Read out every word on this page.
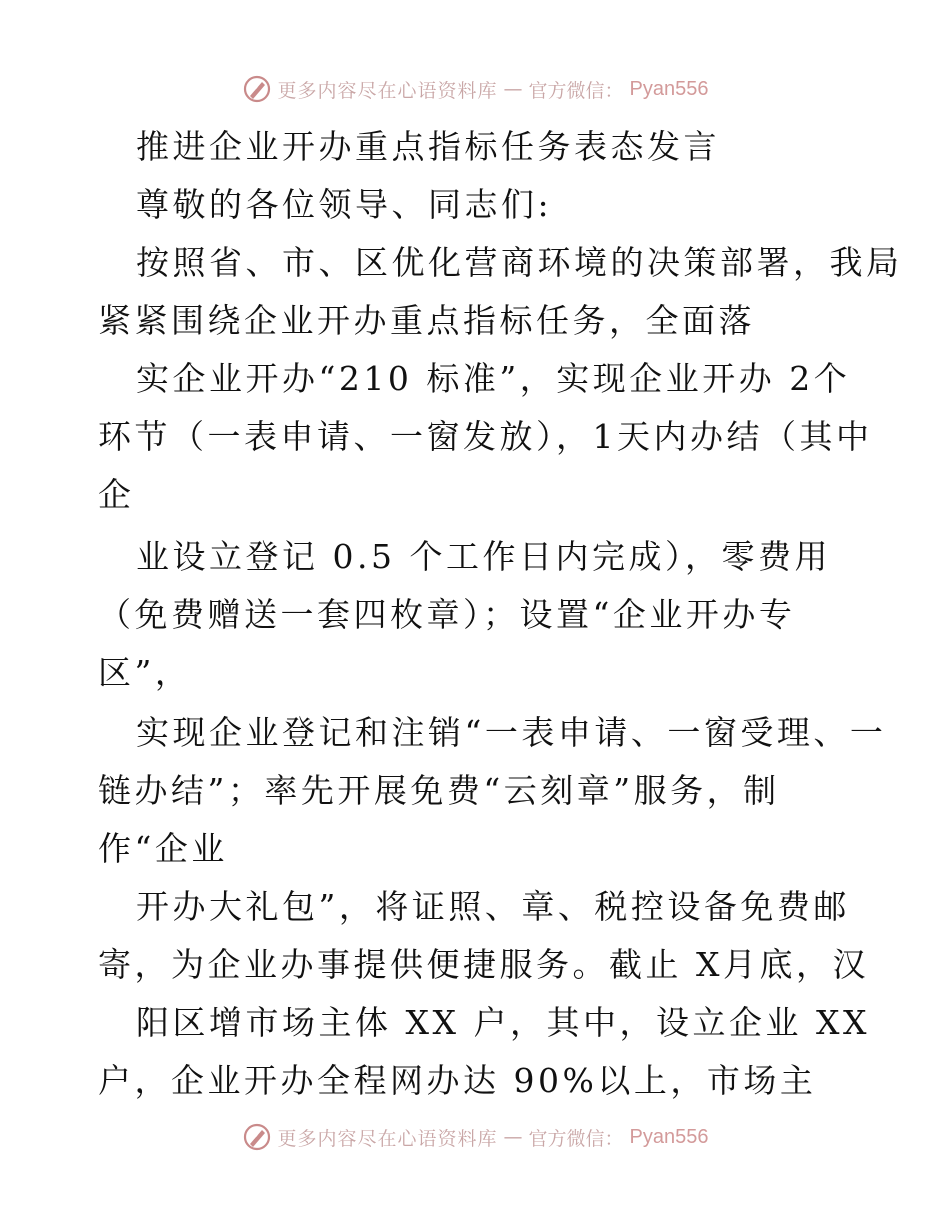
更多内容尽在心语资料库 — 官方微信： Pyan556
推进企业开办重点指标任务表态发言
尊敬的各位领导、同志们:
按照省、市、区优化营商环境的决策部署，我局
紧紧围绕企业开办重点指标任务，全面落
实企业开办“210 标准”，实现企业开办 2个
环节（一表申请、一窗发放），1天内办结（其中
企
业设立登记 0.5 个工作日内完成），零费用
（免费赠送一套四枚章）；设置“企业开办专
区”，
实现企业登记和注销“一表申请、一窗受理、一
链办结”；率先开展免费“云刻章”服务，制
作“企业
开办大礼包”，将证照、章、税控设备免费邮
寄，为企业办事提供便捷服务。截止 X月底，汉
阳区增市场主体 XX 户，其中，设立企业 XX
户，企业开办全程网办达 90%以上，市场主
更多内容尽在心语资料库 — 官方微信： Pyan556
